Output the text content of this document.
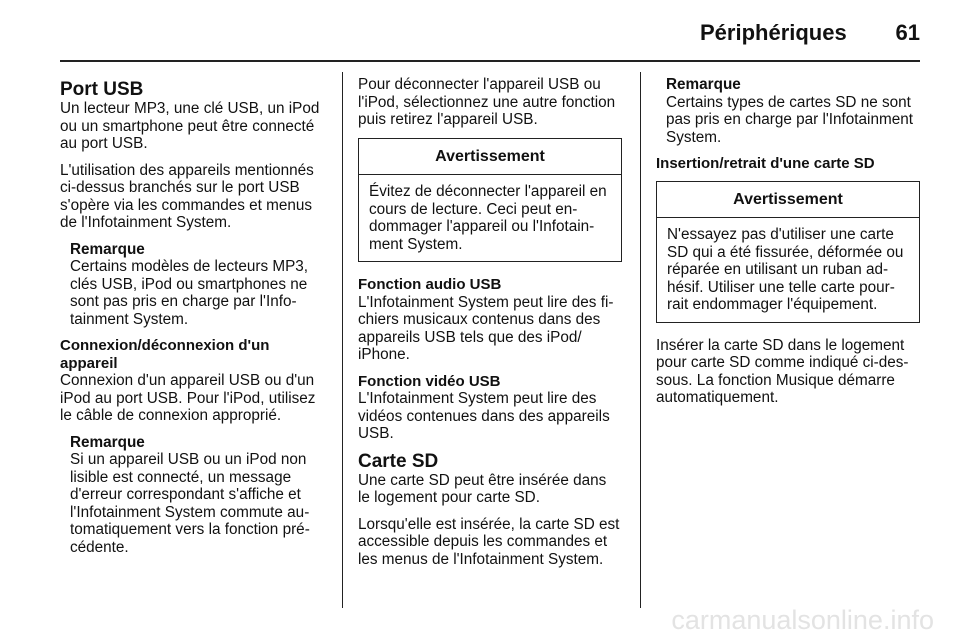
Périphériques 61
Port USB

Un lecteur MP3, une clé USB, un iPod ou un smartphone peut être connecté au port USB.

L'utilisation des appareils mentionnés ci-dessus branchés sur le port USB s'opère via les commandes et menus de l'Infotainment System.

Remarque
Certains modèles de lecteurs MP3, clés USB, iPod ou smartphones ne sont pas pris en charge par l'Infotainment System.
Connexion/déconnexion d'un appareil

Connexion d'un appareil USB ou d'un iPod au port USB. Pour l'iPod, utilisez le câble de connexion approprié.

Remarque
Si un appareil USB ou un iPod non lisible est connecté, un message d'erreur correspondant s'affiche et l'Infotainment System commute automatiquement vers la fonction précédente.

Pour déconnecter l'appareil USB ou l'iPod, sélectionnez une autre fonction puis retirez l'appareil USB.

Avertissement
Évitez de déconnecter l'appareil en cours de lecture. Ceci peut endommager l'appareil ou l'Infotainment System.
Fonction audio USB

L'Infotainment System peut lire des fichiers musicaux contenus dans des appareils USB tels que des iPod/ iPhone.

Fonction vidéo USB

L'Infotainment System peut lire des vidéos contenues dans des appareils USB.

Carte SD

Une carte SD peut être insérée dans le logement pour carte SD.

Lorsqu'elle est insérée, la carte SD est accessible depuis les commandes et les menus de l'Infotainment System.

Remarque
Certains types de cartes SD ne sont pas pris en charge par l'Infotainment System.
Insertion/retrait d'une carte SD
Avertissement
N'essayez pas d'utiliser une carte SD qui a été fissurée, déformée ou réparée en utilisant un ruban adhésif. Utiliser une telle carte pourrait endommager l'équipement.

Insérer la carte SD dans le logement pour carte SD comme indiqué ci-dessous. La fonction Musique démarre automatiquement.

carmanualsonline.info
